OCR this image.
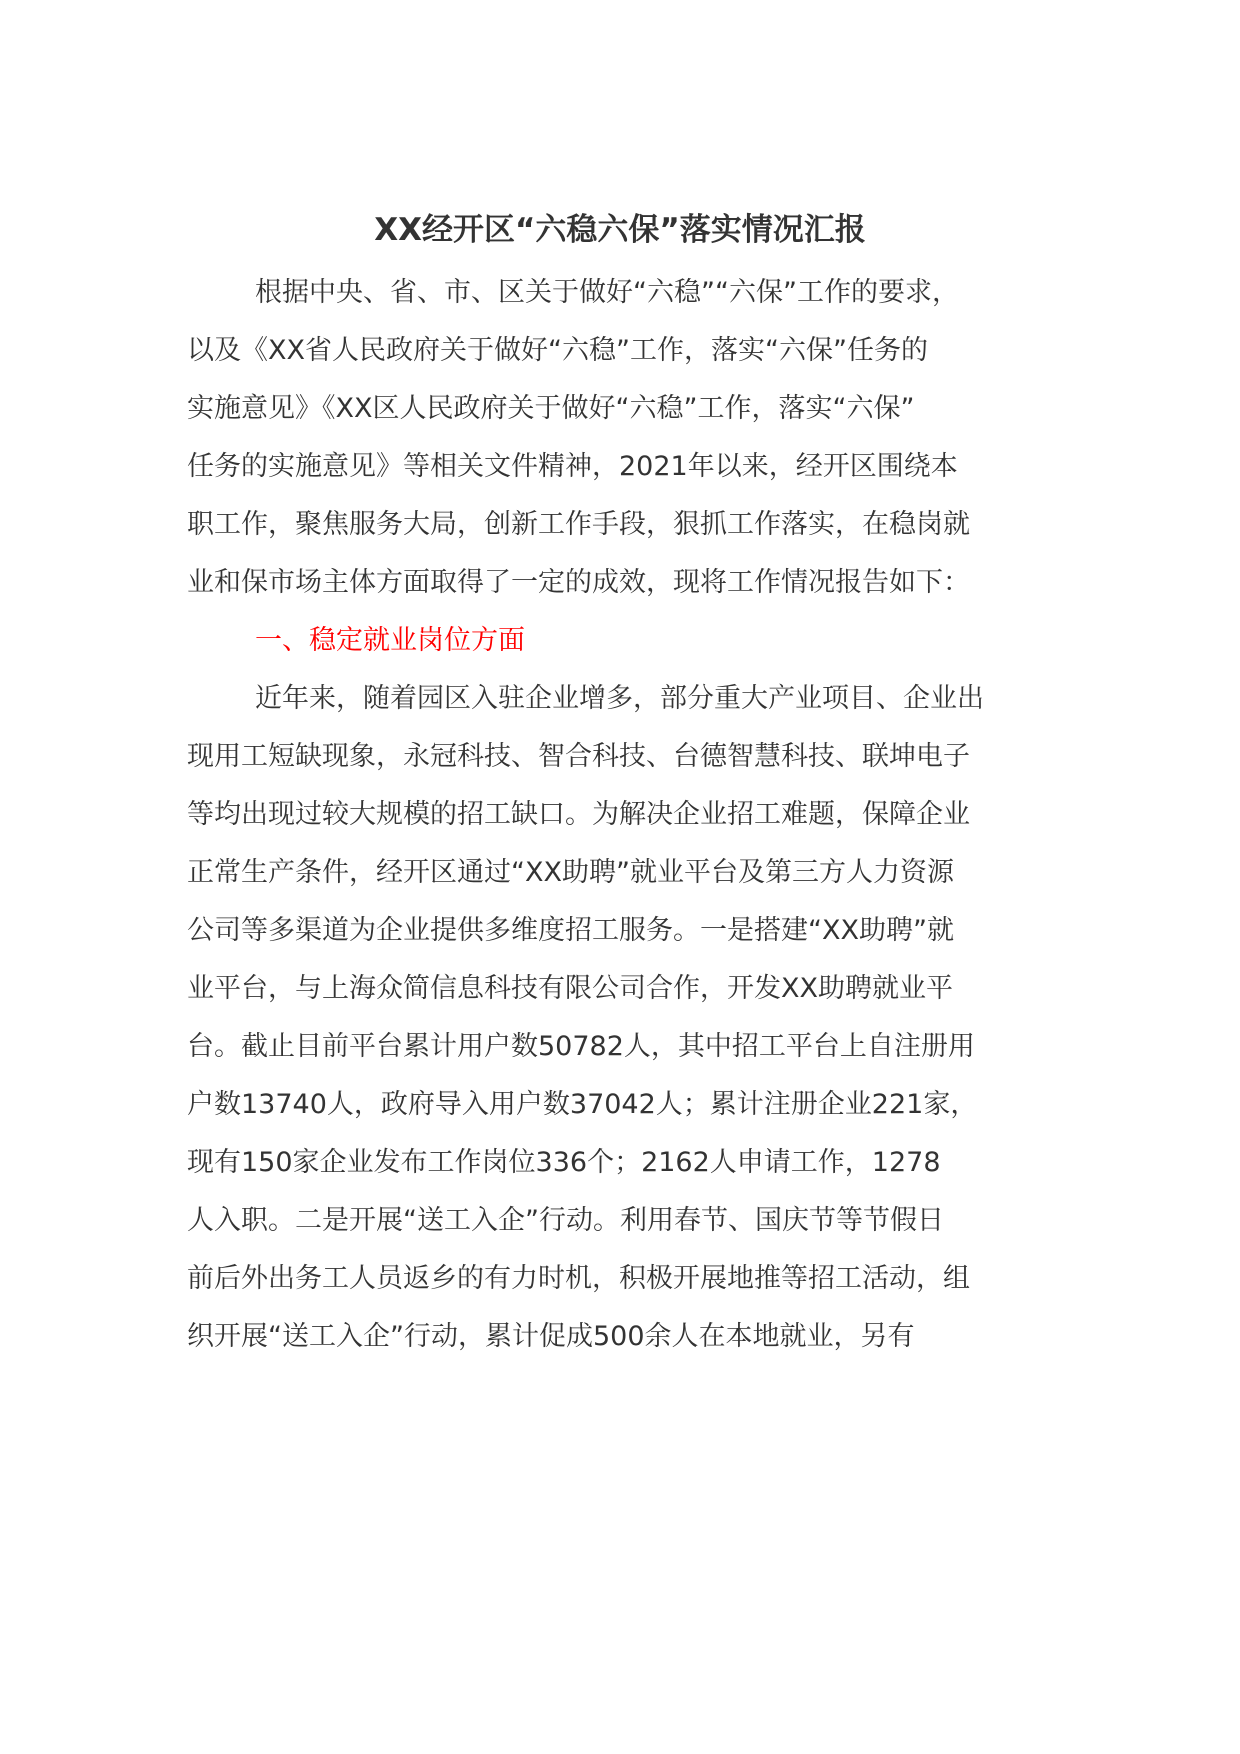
XX经开区“六稳六保”落实情况汇报

根据中央、省、市、区关于做好“六稳”“六保”工作的要求，

以及《XX省人民政府关于做好“六稳”工作，落实“六保”任务的

实施意见》《XX区人民政府关于做好“六稳”工作，落实“六保”

任务的实施意见》等相关文件精神，2021年以来，经开区围绕本

职工作，聚焦服务大局，创新工作手段，狠抓工作落实，在稳岗就

业和保市场主体方面取得了一定的成效，现将工作情况报告如下：

一、稳定就业岗位方面

近年来，随着园区入驻企业增多，部分重大产业项目、企业出

现用工短缺现象，永冠科技、智合科技、台德智慧科技、联坤电子

等均出现过较大规模的招工缺口。为解决企业招工难题，保障企业

正常生产条件，经开区通过“XX助聘”就业平台及第三方人力资源

公司等多渠道为企业提供多维度招工服务。一是搭建“XX助聘”就

业平台，与上海众简信息科技有限公司合作，开发XX助聘就业平

台。截止目前平台累计用户数50782人，其中招工平台上自注册用

户数13740人，政府导入用户数37042人；累计注册企业221家，

现有150家企业发布工作岗位336个；2162人申请工作，1278

人入职。二是开展“送工入企”行动。利用春节、国庆节等节假日

前后外出务工人员返乡的有力时机，积极开展地推等招工活动，组

织开展“送工入企”行动，累计促成500余人在本地就业，另有
